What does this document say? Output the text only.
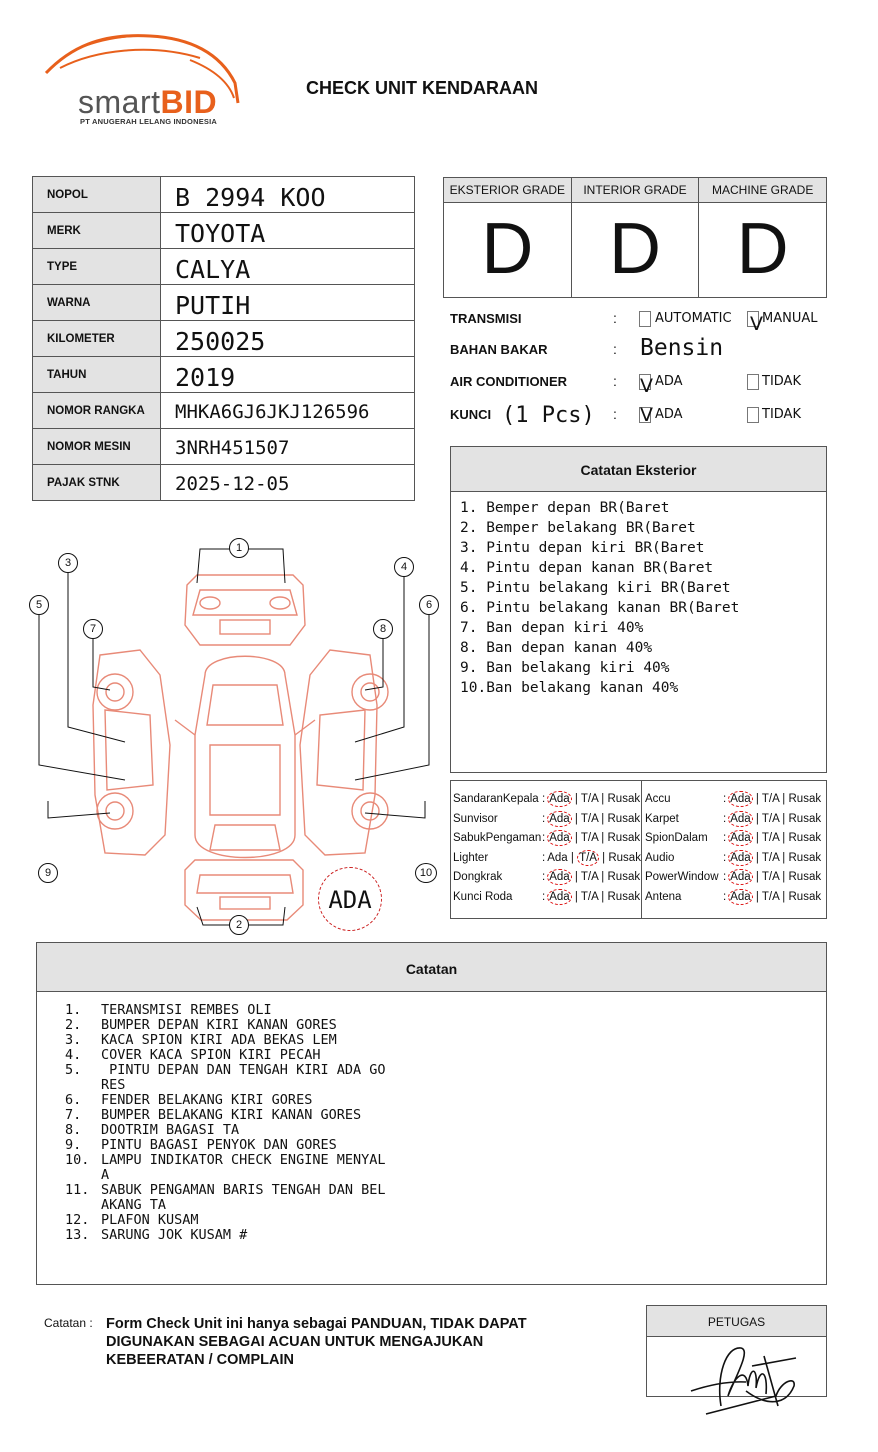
smartBID
PT ANUGERAH LELANG INDONESIA
CHECK UNIT KENDARAAN
NOPOL	B 2994 KOO
MERK	TOYOTA
TYPE	CALYA
WARNA	PUTIH
KILOMETER	250025
TAHUN	2019
NOMOR RANGKA	MHKA6GJ6JKJ126596
NOMOR MESIN	3NRH451507
PAJAK STNK	2025-12-05
EKSTERIOR GRADE
D
INTERIOR GRADE
D
MACHINE GRADE
D
TRANSMISI	:	AUTOMATIC V MANUAL
BAHAN BAKAR	: Bensin
AIR CONDITIONER	: V ADA	TIDAK
KUNCI (1 Pcs) : V ADA	TIDAK
Catatan Eksterior
1. Bemper depan BR(Baret
2. Bemper belakang BR(Baret
3. Pintu depan kiri BR(Baret
4. Pintu depan kanan BR(Baret
5. Pintu belakang kiri BR(Baret
6. Pintu belakang kanan BR(Baret
7. Ban depan kiri 40%
8. Ban depan kanan 40%
9. Ban belakang kiri 40%
10.Ban belakang kanan 40%
SandaranKepala : Ada | T/A | Rusak
Sunvisor	: Ada | T/A | Rusak
SabukPengaman : Ada | T/A | Rusak
Lighter	: Ada | T/A | Rusak
Dongkrak	: Ada | T/A | Rusak
Kunci Roda	: Ada | T/A | Rusak
Accu	: Ada | T/A | Rusak
Karpet	: Ada | T/A | Rusak
SpionDalam : Ada | T/A | Rusak
Audio	: Ada | T/A | Rusak
PowerWindow : Ada | T/A | Rusak
Antena	: Ada | T/A | Rusak
1
2
3	4
5	6
7	8
9	10
ADA
Catatan
1.	TERANSMISI REMBES OLI
2.	BUMPER DEPAN KIRI KANAN GORES
3.	KACA SPION KIRI ADA BEKAS LEM
4.	COVER KACA SPION KIRI PECAH
5.	PINTU DEPAN DAN TENGAH KIRI ADA GO
RES
6.	FENDER BELAKANG KIRI GORES
7.	BUMPER BELAKANG KIRI KANAN GORES
8.	DOOTRIM BAGASI TA
9.	PINTU BAGASI PENYOK DAN GORES
10. LAMPU INDIKATOR CHECK ENGINE MENYAL
A
11. SABUK PENGAMAN BARIS TENGAH DAN BEL
AKANG TA
12. PLAFON KUSAM
13. SARUNG JOK KUSAM #
Catatan : Form Check Unit ini hanya sebagai PANDUAN, TIDAK DAPAT DIGUNAKAN SEBAGAI ACUAN UNTUK MENGAJUKAN KEBEERATAN / COMPLAIN
PETUGAS
